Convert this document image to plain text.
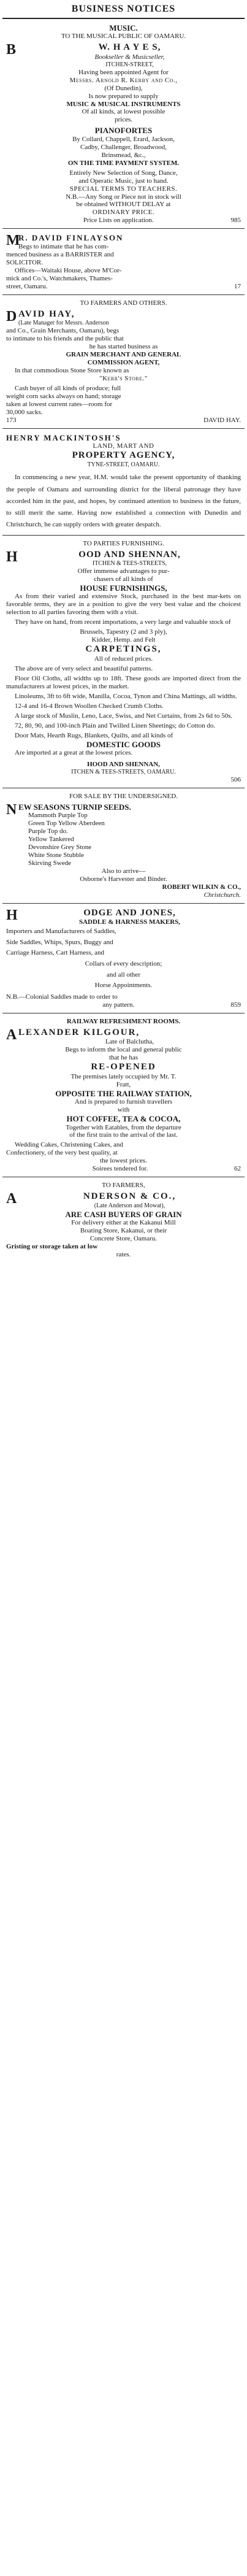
BUSINESS NOTICES

MUSIC.

TO THE MUSICAL PUBLIC OF OAMARU.

B	W. H A Y E S,

Bookseller & Musicseller,

ITCHEN-STREET,

Having been appointed Agent for

Messrs. Arnold R. Kerby and Co.,

(Of Dunedin),

Is now prepared to supply

MUSIC & MUSICAL INSTRUMENTS

Of all kinds, at lowest possible

prices.

PIANOFORTES

By Collard, Chappell, Erard, Jackson,

Cadby, Challenger, Broadwood,

Brinsmead, &c.,

ON THE TIME PAYMENT SYSTEM.

Entirely New Selection of Song, Dance,

and Operatic Music, just to hand.

SPECIAL TERMS TO TEACHERS.

N.B.—Any Song or Piece not in stock will

be obtained WITHOUT DELAY at

ORDINARY PRICE.

Price Lists on application.	985

M

R. DAVID FINLAYSON

Begs to intimate that he has com-

menced business as a BARRISTER and

SOLICITOR.

Offices—Waitaki House, above M'Cor-

mick and Co.'s, Watchmakers, Thames-

street, Oamaru.	17

TO FARMERS AND OTHERS.

D AVID HAY,

(Late Manager for Messrs. Anderson

and Co., Grain Merchants, Oamaru), begs

to intimate to his friends and the public that

he has started business as

GRAIN MERCHANT AND GENERAL

COMMISSION AGENT,

In that commodious Stone Store known as

"Kerr's Store."

Cash buyer of all kinds of produce; full

weight corn sacks always on hand; storage

taken at lowest current rates—room for

30,000 sacks.

173	DAVID HAY.

HENRY MACKINTOSH'S

LAND, MART AND

PROPERTY AGENCY,

TYNE-STREET, OAMARU.

In commencing a new year, H.M. would take the present opportunity of thanking the people of Oamaru and surrounding district for the liberal patronage they have accorded him in the past, and hopes, by continued attention to business in the future, to still merit the same. Having now established a connection with Dunedin and Christchurch, he can supply orders with greater despatch.

TO PARTIES FURNISHING.

H	OOD AND SHENNAN,

ITCHEN & TEES-STREETS,

Offer immense advantages to pur-

chasers of all kinds of

HOUSE FURNISHINGS,

As from their varied and extensive Stock, purchased in the best mar-kets on favorable terms, they are in a position to give the very best value and the choicest selection to all parties favoring them with a visit.

They have on hand, from recent importations, a very large and valuable stock of

Brussels, Tapestry (2 and 3 ply),

Kidder, Hemp. and Felt

CARPETINGS,

All of reduced prices.

The above are of very select and beautiful patterns.

Floor Oil Cloths, all widths up to 18ft. These goods are imported direct from the manufacturers at lowest prices, in the market.

Linoleums, 3ft to 6ft wide, Manilla, Cocoa, Tynon and China Mattings, all widths.

12-4 and 16-4 Brown Woollen Checked Crumb Cloths.

A large stock of Muslin, Leno, Lace, Swiss, and Net Curtains, from 2s 6d to 50s.

72, 80, 90, and 100-inch Plain and Twilled Linen Sheetings; do Cotton do.

Door Mats, Hearth Rugs, Blankets, Quilts, and all kinds of

DOMESTIC GOODS

Are imported at a great at the lowest prices.

HOOD AND SHENNAN,

ITCHEN & TEES-STREETS, OAMARU.

506

FOR SALE BY THE UNDERSIGNED.

N EW SEASONS TURNIP SEEDS.

Mammoth Purple Top

Green Top Yellow Aberdeen

Purple Top do.

Yellow Tankered

Devonshire Grey Stone

White Stone Stubble

Skirving Swede

Also to arrive—

Osborne's Harvester and Binder.

ROBERT WILKIN & CO.,

Christchurch.

H	ODGE AND JONES,

SADDLE & HARNESS MAKERS,

Importers and Manufacturers of Saddles,

Side Saddles, Whips, Spurs, Buggy and

Carriage Harness, Cart Harness, and

Collars of every description;

and all other

Horse Appointments.

N.B.—Colonial Saddles made to order to

any pattern.	859

RAILWAY REFRESHMENT ROOMS.

A LEXANDER KILGOUR,

Late of Balclutha,

Begs to inform the local and general public

that he has

RE-OPENED

The premises lately occupied by Mr. T.

Fratt,

OPPOSITE THE RAILWAY STATION,

And is prepared to furnish travellers

with

HOT COFFEE, TEA & COCOA,

Together with Eatables, from the departure

of the first train to the arrival of the last.

Wedding Cakes, Christening Cakes, and

Confectionery, of the very best quality, at

the lowest prices.

Soirees tendered for.	62

TO FARMERS,

A	NDERSON & CO.,

(Late Anderson and Mowat),

ARE CASH BUYERS OF GRAIN

For delivery either at the Kakanui Mill

Boating Store, Kakanui, or their

Concrete Store, Oamaru.

Gristing or storage taken at low

rates.
